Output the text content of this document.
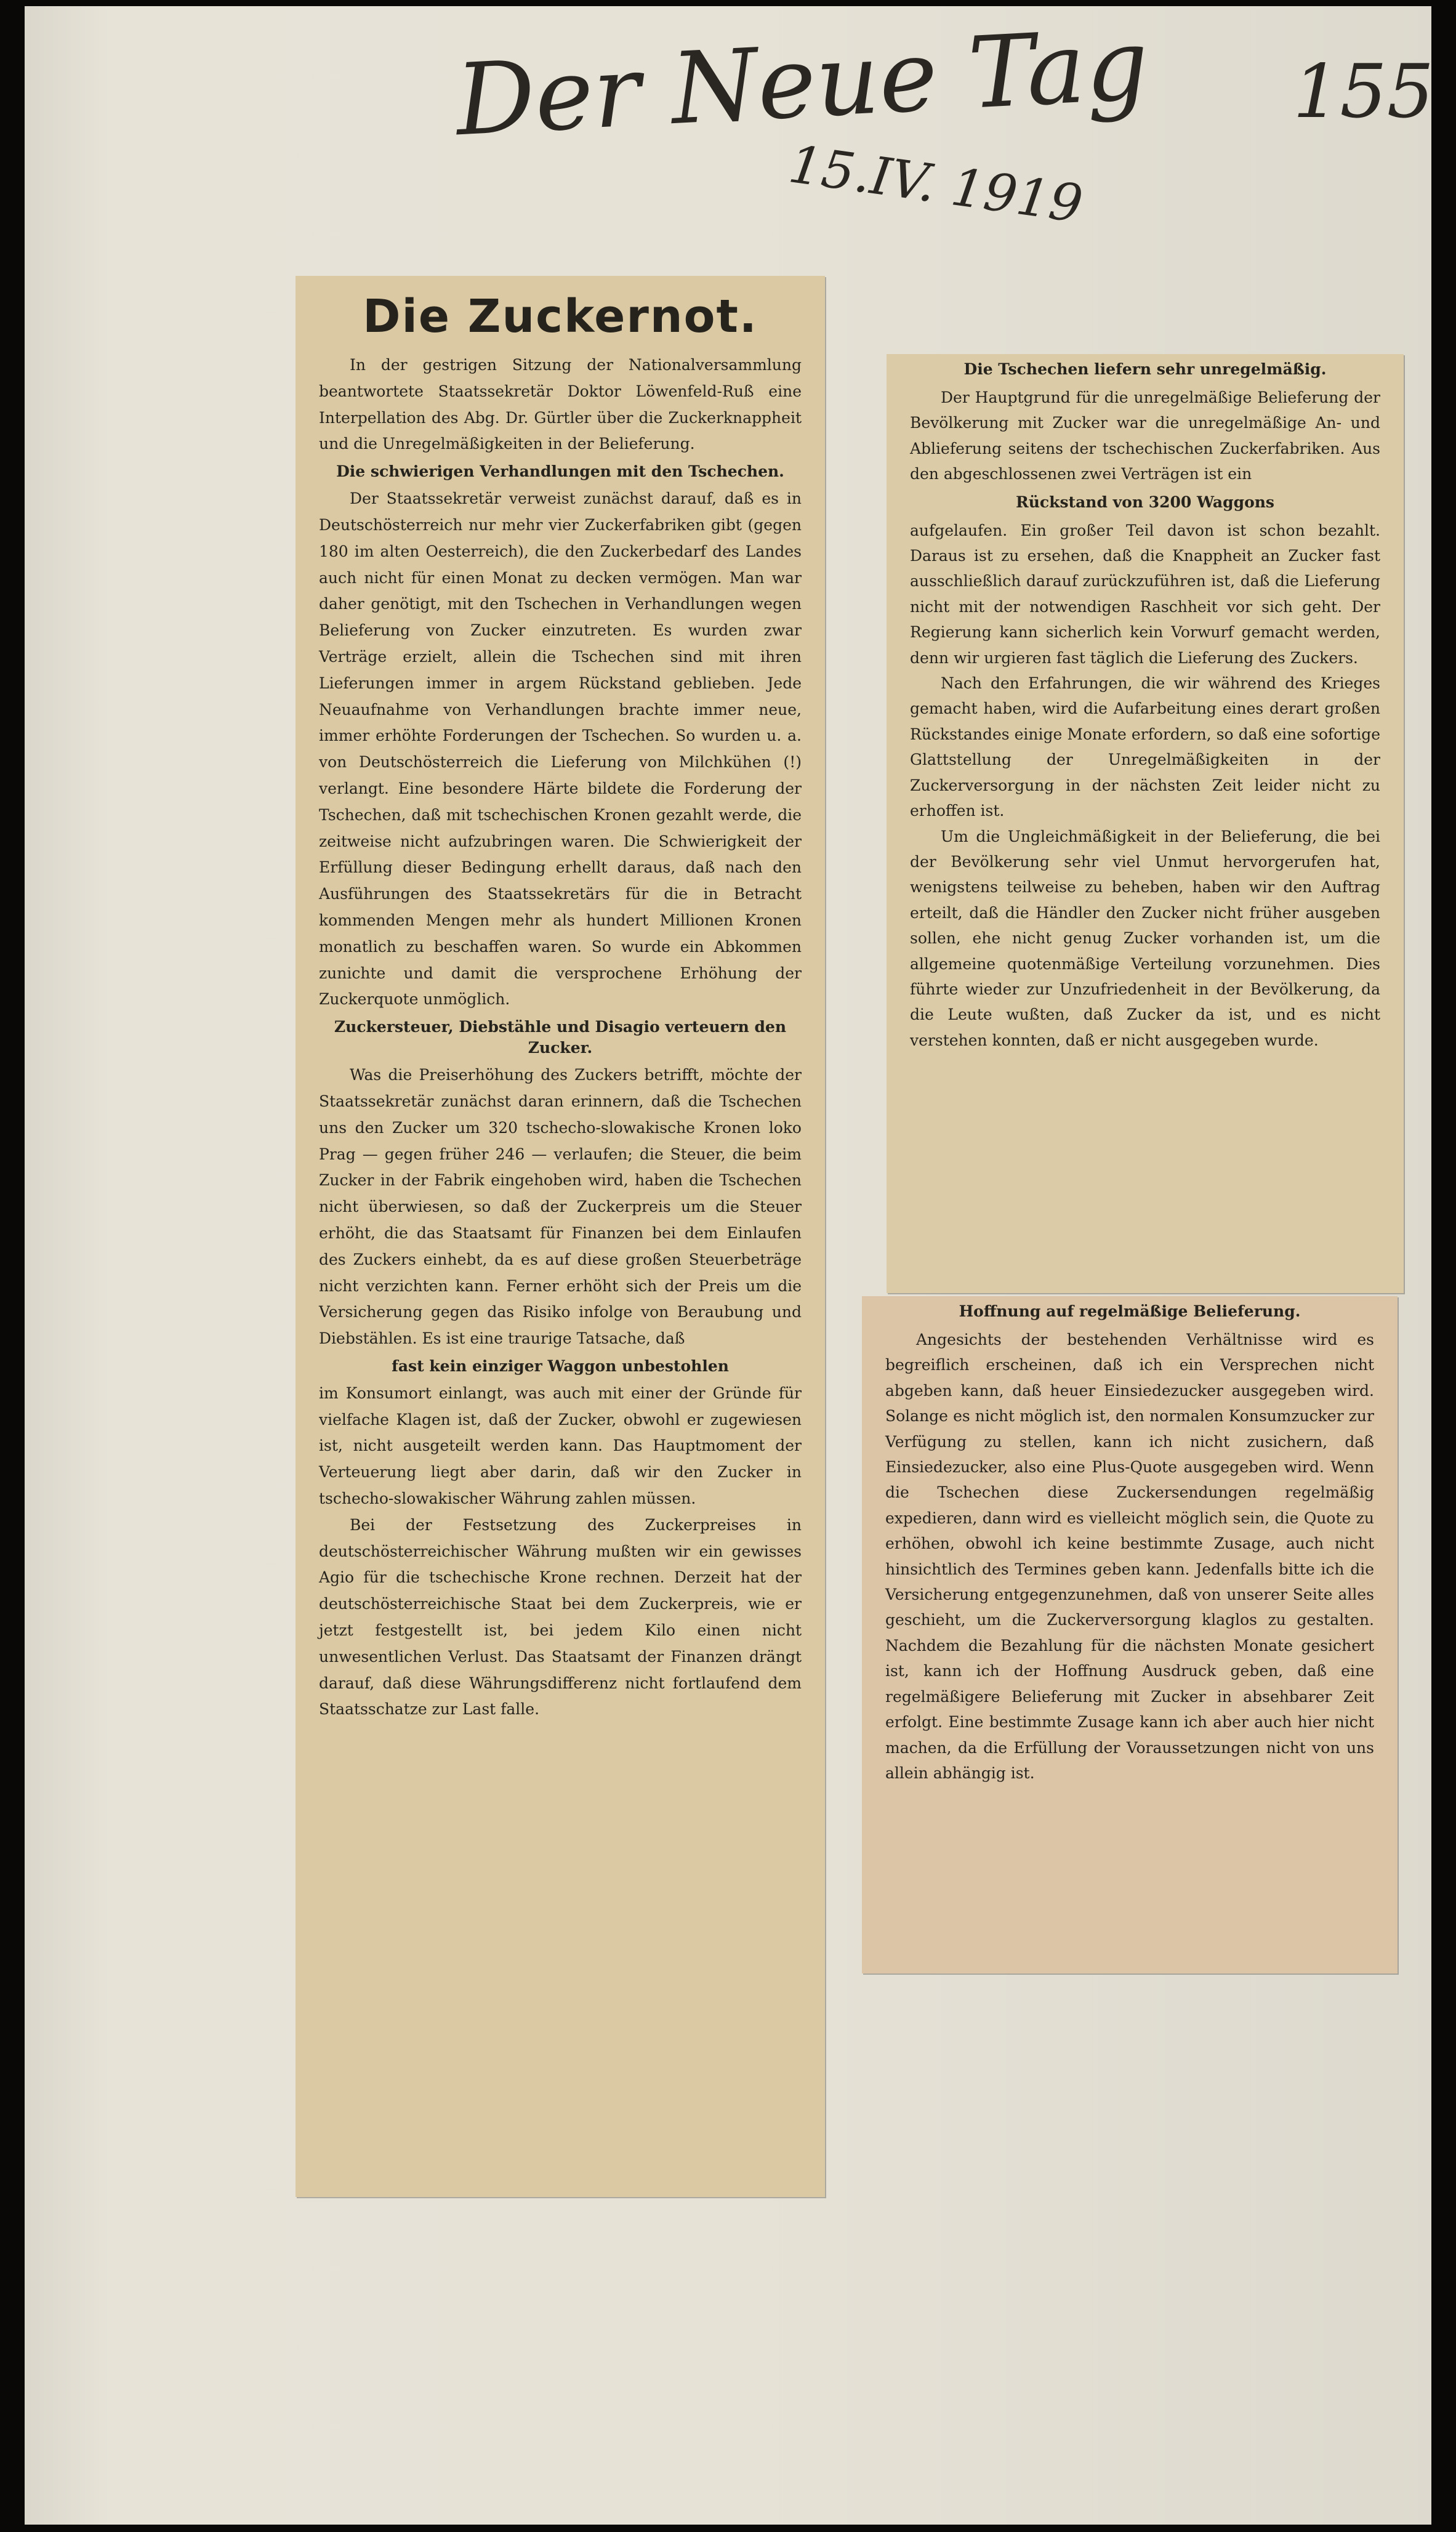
Der Neue Tag
15.IV. 1919
155
Die Zuckernot.

In der gestrigen Sitzung der Nationalversammlung beantwortete Staatssekretär Doktor Löwenfeld-Ruß eine Interpellation des Abg. Dr. Gürtler über die Zuckerknappheit und die Unregelmäßigkeiten in der Belieferung.

Die schwierigen Verhandlungen mit den Tschechen.

Der Staatssekretär verweist zunächst darauf, daß es in Deutschösterreich nur mehr vier Zuckerfabriken gibt (gegen 180 im alten Oesterreich), die den Zuckerbedarf des Landes auch nicht für einen Monat zu decken vermögen. Man war daher genötigt, mit den Tschechen in Verhandlungen wegen Belieferung von Zucker einzutreten. Es wurden zwar Verträge erzielt, allein die Tschechen sind mit ihren Lieferungen immer in argem Rückstand geblieben. Jede Neuaufnahme von Verhandlungen brachte immer neue, immer erhöhte Forderungen der Tschechen. So wurden u. a. von Deutschösterreich die Lieferung von Milchkühen (!) verlangt. Eine besondere Härte bildete die Forderung der Tschechen, daß mit tschechischen Kronen gezahlt werde, die zeitweise nicht aufzubringen waren. Die Schwierigkeit der Erfüllung dieser Bedingung erhellt daraus, daß nach den Ausführungen des Staatssekretärs für die in Betracht kommenden Mengen mehr als hundert Millionen Kronen monatlich zu beschaffen waren. So wurde ein Abkommen zunichte und damit die versprochene Erhöhung der Zuckerquote unmöglich.

Zuckersteuer, Diebstähle und Disagio verteuern den Zucker.

Was die Preiserhöhung des Zuckers betrifft, möchte der Staatssekretär zunächst daran erinnern, daß die Tschechen uns den Zucker um 320 tschecho-slowakische Kronen loko Prag — gegen früher 246 — verlaufen; die Steuer, die beim Zucker in der Fabrik eingehoben wird, haben die Tschechen nicht überwiesen, so daß der Zuckerpreis um die Steuer erhöht, die das Staatsamt für Finanzen bei dem Einlaufen des Zuckers einhebt, da es auf diese großen Steuerbeträge nicht verzichten kann. Ferner erhöht sich der Preis um die Versicherung gegen das Risiko infolge von Beraubung und Diebstählen. Es ist eine traurige Tatsache, daß

fast kein einziger Waggon unbestohlen

im Konsumort einlangt, was auch mit einer der Gründe für vielfache Klagen ist, daß der Zucker, obwohl er zugewiesen ist, nicht ausgeteilt werden kann. Das Hauptmoment der Verteuerung liegt aber darin, daß wir den Zucker in tschecho-slowakischer Währung zahlen müssen.

Bei der Festsetzung des Zuckerpreises in deutschösterreichischer Währung mußten wir ein gewisses Agio für die tschechische Krone rechnen. Derzeit hat der deutschösterreichische Staat bei dem Zuckerpreis, wie er jetzt festgestellt ist, bei jedem Kilo einen nicht unwesentlichen Verlust. Das Staatsamt der Finanzen drängt darauf, daß diese Währungsdifferenz nicht fortlaufend dem Staatsschatze zur Last falle.

Die Tschechen liefern sehr unregelmäßig.

Der Hauptgrund für die unregelmäßige Belieferung der Bevölkerung mit Zucker war die unregelmäßige An- und Ablieferung seitens der tschechischen Zuckerfabriken. Aus den abgeschlossenen zwei Verträgen ist ein

Rückstand von 3200 Waggons

aufgelaufen. Ein großer Teil davon ist schon bezahlt. Daraus ist zu ersehen, daß die Knappheit an Zucker fast ausschließlich darauf zurückzuführen ist, daß die Lieferung nicht mit der notwendigen Raschheit vor sich geht. Der Regierung kann sicherlich kein Vorwurf gemacht werden, denn wir urgieren fast täglich die Lieferung des Zuckers.

Nach den Erfahrungen, die wir während des Krieges gemacht haben, wird die Aufarbeitung eines derart großen Rückstandes einige Monate erfordern, so daß eine sofortige Glattstellung der Unregelmäßigkeiten in der Zuckerversorgung in der nächsten Zeit leider nicht zu erhoffen ist.

Um die Ungleichmäßigkeit in der Belieferung, die bei der Bevölkerung sehr viel Unmut hervorgerufen hat, wenigstens teilweise zu beheben, haben wir den Auftrag erteilt, daß die Händler den Zucker nicht früher ausgeben sollen, ehe nicht genug Zucker vorhanden ist, um die allgemeine quotenmäßige Verteilung vorzunehmen. Dies führte wieder zur Unzufriedenheit in der Bevölkerung, da die Leute wußten, daß Zucker da ist, und es nicht verstehen konnten, daß er nicht ausgegeben wurde.

Hoffnung auf regelmäßige Belieferung.

Angesichts der bestehenden Verhältnisse wird es begreiflich erscheinen, daß ich ein Versprechen nicht abgeben kann, daß heuer Einsiedezucker ausgegeben wird. Solange es nicht möglich ist, den normalen Konsumzucker zur Verfügung zu stellen, kann ich nicht zusichern, daß Einsiedezucker, also eine Plus-Quote ausgegeben wird. Wenn die Tschechen diese Zuckersendungen regelmäßig expedieren, dann wird es vielleicht möglich sein, die Quote zu erhöhen, obwohl ich keine bestimmte Zusage, auch nicht hinsichtlich des Termines geben kann. Jedenfalls bitte ich die Versicherung entgegenzunehmen, daß von unserer Seite alles geschieht, um die Zuckerversorgung klaglos zu gestalten. Nachdem die Bezahlung für die nächsten Monate gesichert ist, kann ich der Hoffnung Ausdruck geben, daß eine regelmäßigere Belieferung mit Zucker in absehbarer Zeit erfolgt. Eine bestimmte Zusage kann ich aber auch hier nicht machen, da die Erfüllung der Voraussetzungen nicht von uns allein abhängig ist.
